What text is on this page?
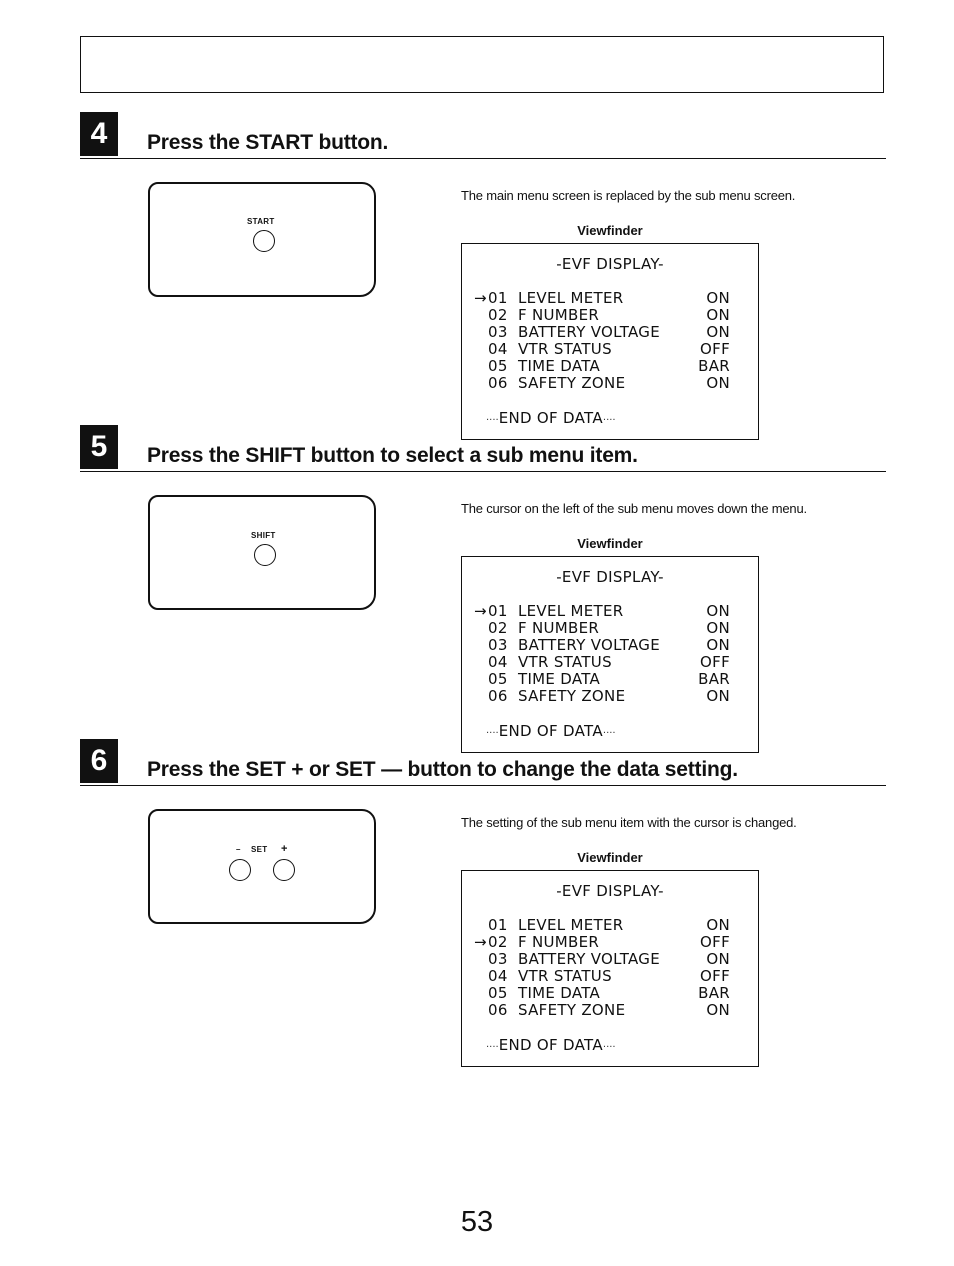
4	Press the START button.
START
The main menu screen is replaced by the sub menu screen.
Viewfinder
-EVF DISPLAY-
→ 01 LEVEL METER	ON
02 F NUMBER	ON
03 BATTERY VOLTAGE	ON
04 VTR STATUS	OFF
05 TIME DATA	BAR
06 SAFETY ZONE	ON
····END OF DATA····
5	Press the SHIFT button to select a sub menu item.
SHIFT
The cursor on the left of the sub menu moves down the menu.
Viewfinder
-EVF DISPLAY-
→ 01 LEVEL METER	ON
02 F NUMBER	ON
03 BATTERY VOLTAGE	ON
04 VTR STATUS	OFF
05 TIME DATA	BAR
06 SAFETY ZONE	ON
····END OF DATA····
6	Press the SET + or SET — button to change the data setting.
– SET +
The setting of the sub menu item with the cursor is changed.
Viewfinder
-EVF DISPLAY-
01 LEVEL METER	ON
→ 02 F NUMBER	OFF
03 BATTERY VOLTAGE	ON
04 VTR STATUS	OFF
05 TIME DATA	BAR
06 SAFETY ZONE	ON
····END OF DATA····
53
